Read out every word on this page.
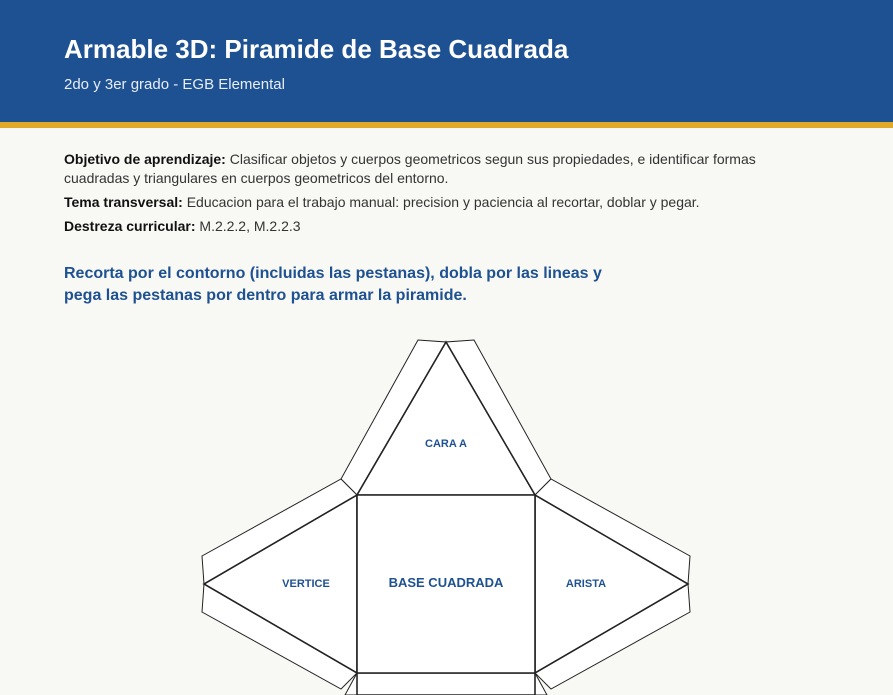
Armable 3D: Piramide de Base Cuadrada
2do y 3er grado - EGB Elemental

Objetivo de aprendizaje: Clasificar objetos y cuerpos geometricos segun sus propiedades, e identificar formas cuadradas y triangulares en cuerpos geometricos del entorno.

Tema transversal: Educacion para el trabajo manual: precision y paciencia al recortar, doblar y pegar.

Destreza curricular: M.2.2.2, M.2.2.3

Recorta por el contorno (incluidas las pestanas), dobla por las lineas y pega las pestanas por dentro para armar la piramide.
CARA A
VERTICE	BASE CUADRADA	ARISTA
